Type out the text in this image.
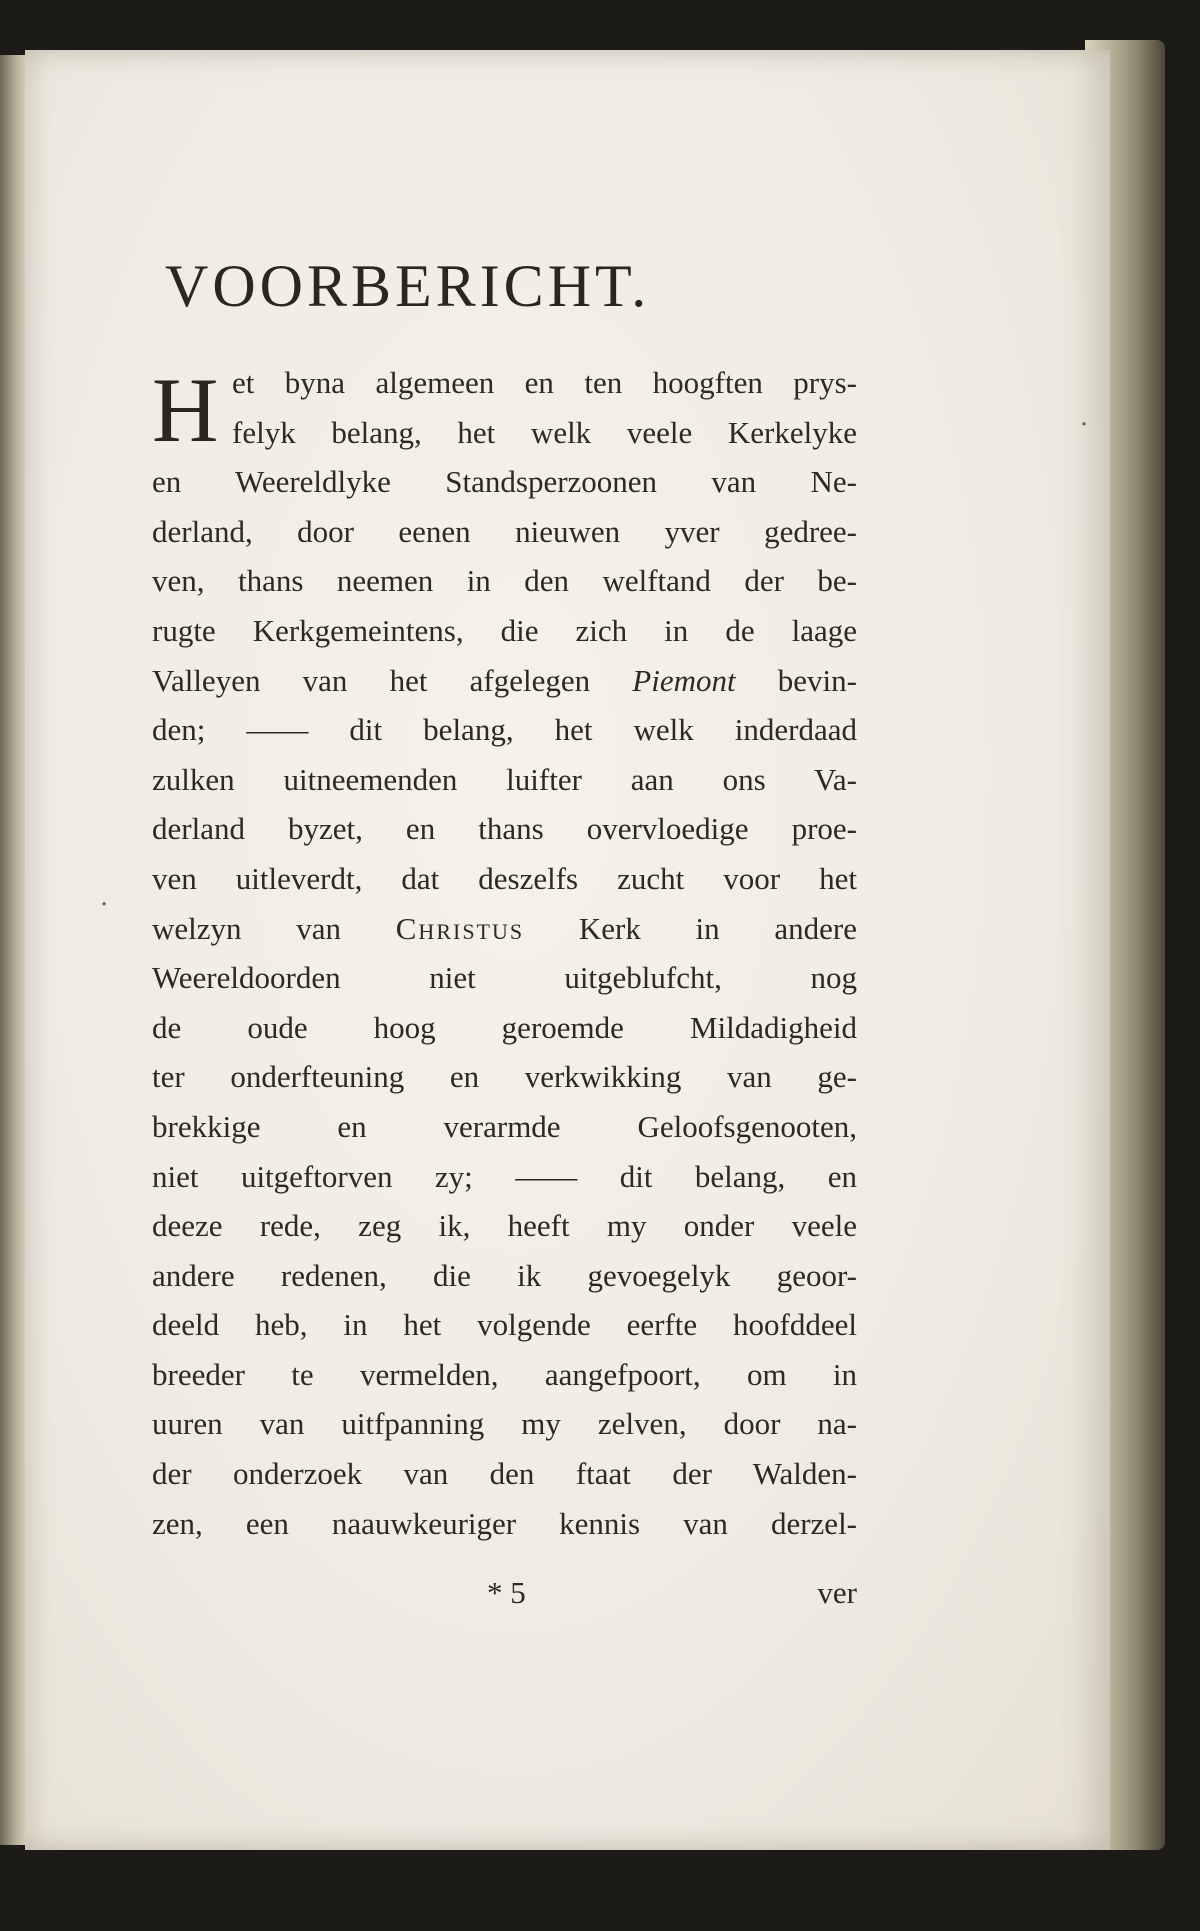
·
·
VOORBERICHT.
H et byna algemeen en ten hoogften prys-
felyk belang, het welk veele Kerkelyke
en Weereldlyke Standsperzoonen van Ne-
derland, door eenen nieuwen yver gedree-
ven, thans neemen in den welftand der be-
rugte Kerkgemeintens, die zich in de laage
Valleyen van het afgelegen Piemont bevin-
den; —— dit belang, het welk inderdaad
zulken uitneemenden luifter aan ons Va-
derland byzet, en thans overvloedige proe-
ven uitleverdt, dat deszelfs zucht voor het
welzyn van Christus Kerk in andere
Weereldoorden niet uitgeblufcht, nog
de oude hoog geroemde Mildadigheid
ter onderfteuning en verkwikking van ge-
brekkige en verarmde Geloofsgenooten,
niet uitgeftorven zy; —— dit belang, en
deeze rede, zeg ik, heeft my onder veele
andere redenen, die ik gevoegelyk geoor-
deeld heb, in het volgende eerfte hoofddeel
breeder te vermelden, aangefpoort, om in
uuren van uitfpanning my zelven, door na-
der onderzoek van den ftaat der Walden-
zen, een naauwkeuriger kennis van derzel-
* 5	ver
